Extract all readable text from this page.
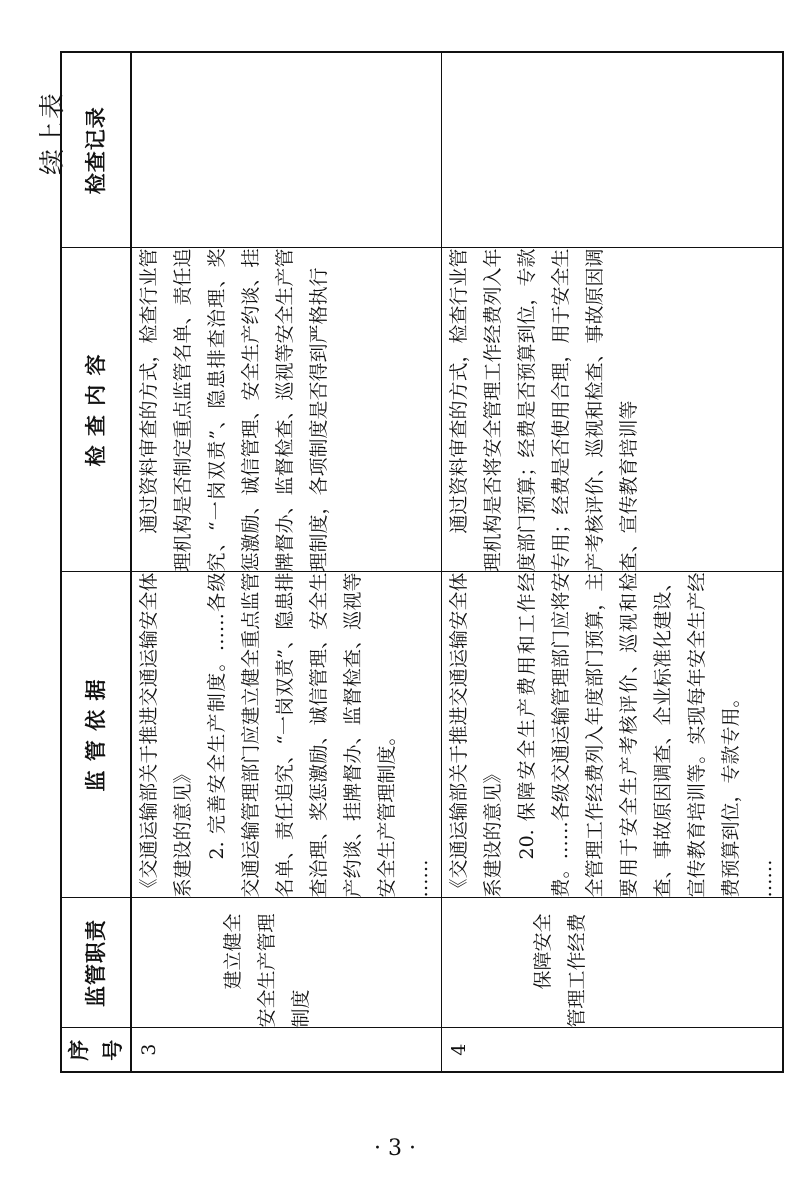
续上表
序号	监管职责	监 管 依 据	检 查 内 容	检查记录
3	建立健全安全生产管理制度	《交通运输部关于推进交通运输安全体系建设的意见》 2. 完善安全生产制度。……各级交通运输管理部门应建立健全重点监管名单、责任追究、“一岗双责”、隐患排查治理、奖惩激励、诚信管理、安全生产约谈、挂牌督办、监督检查、巡视等安全生产管理制度。 ……	通过资料审查的方式，检查行业管理机构是否制定重点监管名单、责任追究、“一岗双责”、隐患排查治理、奖惩激励、诚信管理、安全生产约谈、挂牌督办、监督检查、巡视等安全生产管理制度，各项制度是否得到严格执行	

4	保障安全管理工作经费	《交通运输部关于推进交通运输安全体系建设的意见》 20. 保障安全生产费用和工作经费。……各级交通运输管理部门应将安全管理工作经费列入年度部门预算，主要用于安全生产考核评价、巡视和检查、事故原因调查、企业标准化建设、宣传教育培训等。实现每年安全生产经费预算到位，专款专用。 ……	通过资料审查的方式，检查行业管理机构是否将安全管理工作经费列入年度部门预算；经费是否预算到位，专款专用；经费是否使用合理，用于安全生产考核评价、巡视和检查、事故原因调查、宣传教育培训等	

· 3 ·
